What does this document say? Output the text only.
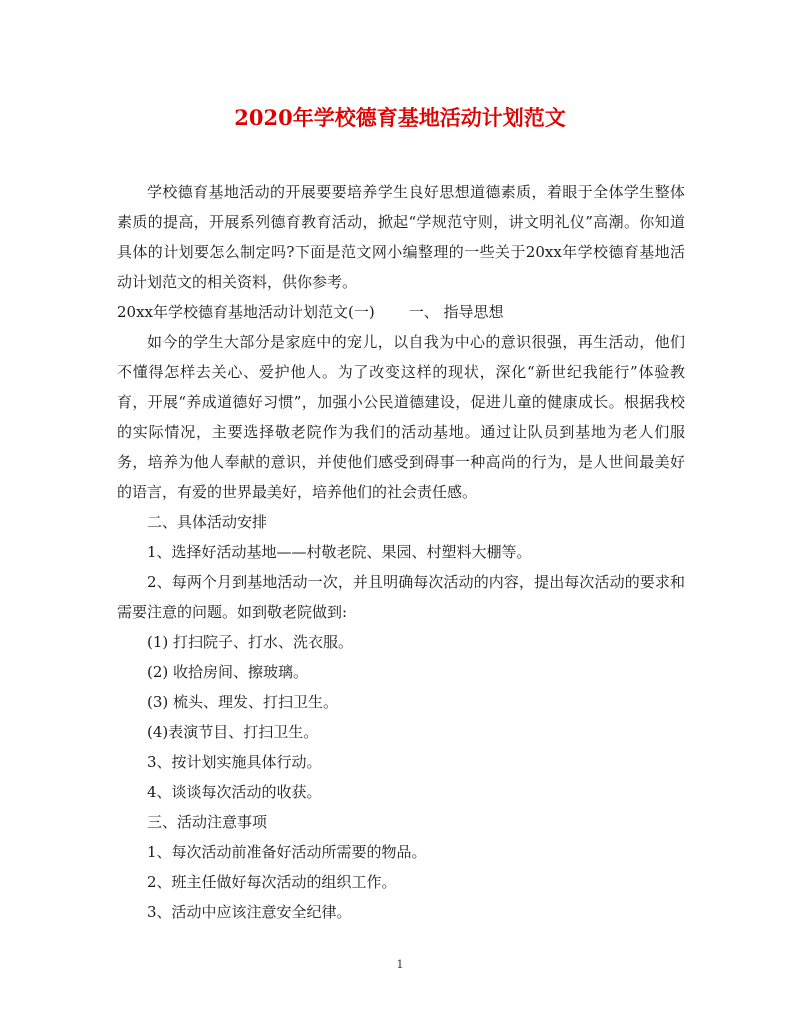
2020年学校德育基地活动计划范文

学校德育基地活动的开展要要培养学生良好思想道德素质，着眼于全体学生整体素质的提高，开展系列德育教育活动，掀起“学规范守则，讲文明礼仪”高潮。你知道具体的计划要怎么制定吗?下面是范文网小编整理的一些关于20xx年学校德育基地活动计划范文的相关资料，供你参考。

20xx年学校德育基地活动计划范文(一) 一、 指导思想

如今的学生大部分是家庭中的宠儿，以自我为中心的意识很强，再生活动，他们不懂得怎样去关心、爱护他人。为了改变这样的现状，深化“新世纪我能行”体验教育，开展“养成道德好习惯”，加强小公民道德建设，促进儿童的健康成长。根据我校的实际情况，主要选择敬老院作为我们的活动基地。通过让队员到基地为老人们服务，培养为他人奉献的意识，并使他们感受到碍事一种高尚的行为，是人世间最美好的语言，有爱的世界最美好，培养他们的社会责任感。

二、具体活动安排

1、选择好活动基地——村敬老院、果园、村塑料大棚等。

2、每两个月到基地活动一次，并且明确每次活动的内容，提出每次活动的要求和需要注意的问题。如到敬老院做到:

(1) 打扫院子、打水、洗衣服。

(2) 收拾房间、擦玻璃。

(3) 梳头、理发、打扫卫生。

(4)表演节目、打扫卫生。

3、按计划实施具体行动。

4、谈谈每次活动的收获。

三、活动注意事项

1、每次活动前准备好活动所需要的物品。

2、班主任做好每次活动的组织工作。

3、活动中应该注意安全纪律。

1
